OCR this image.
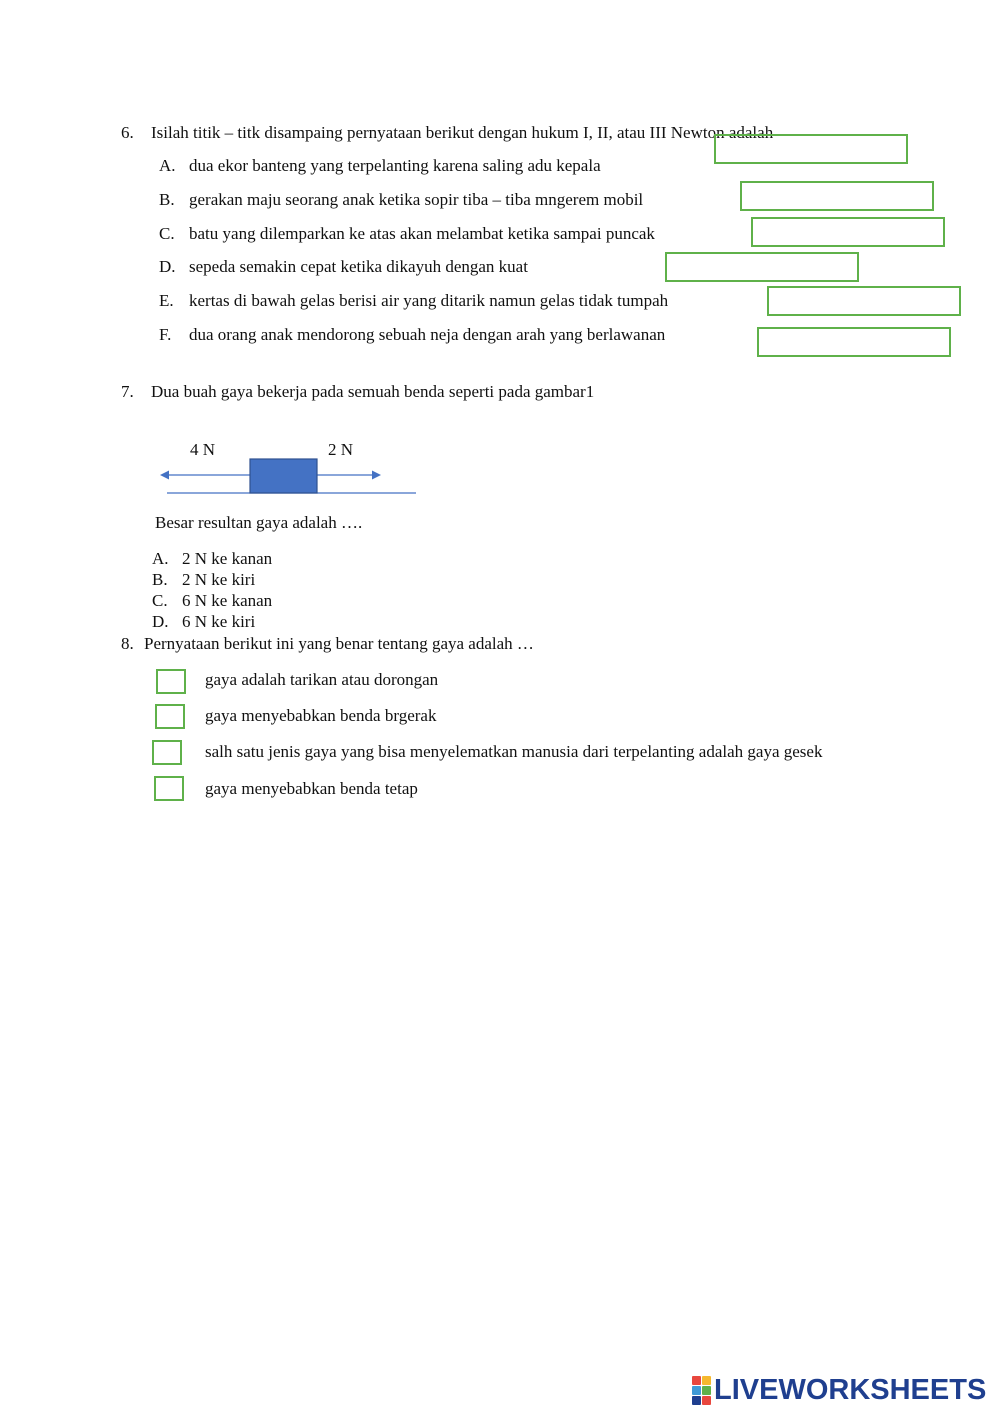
6.	Isilah titik – titk disampaing pernyataan berikut dengan hukum I, II, atau III Newton adalah
A. dua ekor banteng yang terpelanting karena saling adu kepala
B. gerakan maju seorang anak ketika sopir tiba – tiba mngerem mobil
C. batu yang dilemparkan ke atas akan melambat ketika sampai puncak
D. sepeda semakin cepat ketika dikayuh dengan kuat
E. kertas di bawah gelas berisi air yang ditarik namun gelas tidak tumpah
F. dua orang anak mendorong sebuah neja dengan arah yang berlawanan
7.	Dua buah gaya bekerja pada semuah benda seperti pada gambar1
4 N	2 N
Besar resultan gaya adalah ….
A. 2 N ke kanan
B. 2 N ke kiri
C. 6 N ke kanan
D. 6 N ke kiri
8. Pernyataan berikut ini yang benar tentang gaya adalah …
gaya adalah tarikan atau dorongan
gaya menyebabkan benda brgerak
salh satu jenis gaya yang bisa menyelematkan manusia dari terpelanting adalah gaya gesek
gaya menyebabkan benda tetap
LIVEWORKSHEETS
